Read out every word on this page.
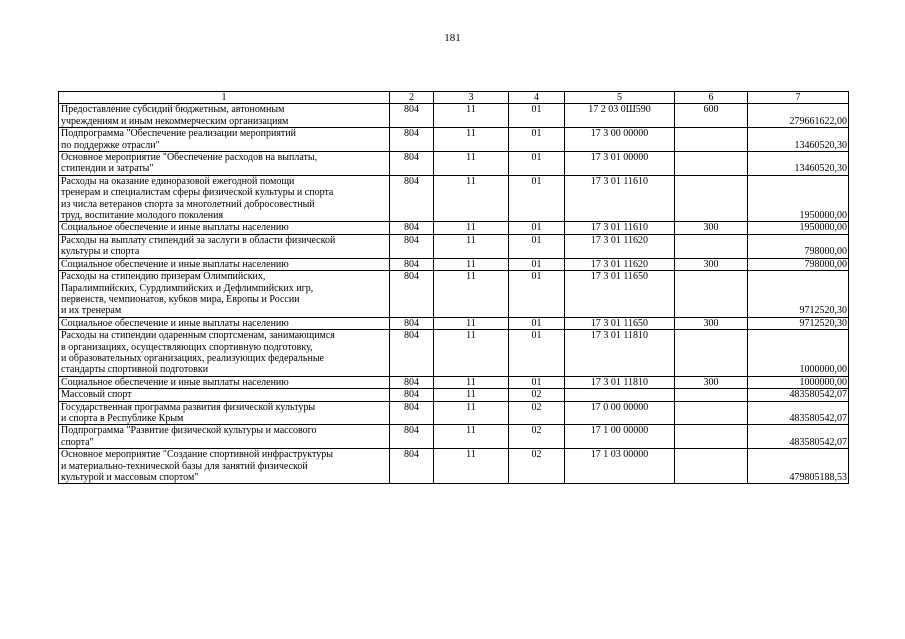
181
1	2	3	4	5	6	7
Предоставление субсидий бюджетным, автономным
учреждениям и иным некоммерческим организациям	804	11	01	17 2 03 0Ш590	600	279661622,00
Подпрограмма "Обеспечение реализации мероприятий
по поддержке отрасли"	804	11	01	17 3 00 00000		13460520,30
Основное мероприятие "Обеспечение расходов на выплаты,
стипендии и затраты"	804	11	01	17 3 01 00000		13460520,30
Расходы на оказание единоразовой ежегодной помощи
тренерам и специалистам сферы физической культуры и спорта
из числа ветеранов спорта за многолетний добросовестный
труд, воспитание молодого поколения	804	11	01	17 3 01 11610		1950000,00
Социальное обеспечение и иные выплаты населению	804	11	01	17 3 01 11610	300	1950000,00
Расходы на выплату стипендий за заслуги в области физической
культуры и спорта	804	11	01	17 3 01 11620		798000,00
Социальное обеспечение и иные выплаты населению	804	11	01	17 3 01 11620	300	798000,00
Расходы на стипендию призерам Олимпийских,
Паралимпийских, Сурдлимпийских и Дефлимпийских игр,
первенств, чемпионатов, кубков мира, Европы и России
и их тренерам	804	11	01	17 3 01 11650		9712520,30
Социальное обеспечение и иные выплаты населению	804	11	01	17 3 01 11650	300	9712520,30
Расходы на стипендии одаренным спортсменам, занимающимся
в организациях, осуществляющих спортивную подготовку,
и образовательных организациях, реализующих федеральные
стандарты спортивной подготовки	804	11	01	17 3 01 11810		1000000,00
Социальное обеспечение и иные выплаты населению	804	11	01	17 3 01 11810	300	1000000,00
Массовый спорт	804	11	02			483580542,07
Государственная программа развития физической культуры
и спорта в Республике Крым	804	11	02	17 0 00 00000		483580542,07
Подпрограмма "Развитие физической культуры и массового
спорта"	804	11	02	17 1 00 00000		483580542,07
Основное мероприятие "Создание спортивной инфраструктуры
и материально-технической базы для занятий физической
культурой и массовым спортом"	804	11	02	17 1 03 00000		479805188,53
